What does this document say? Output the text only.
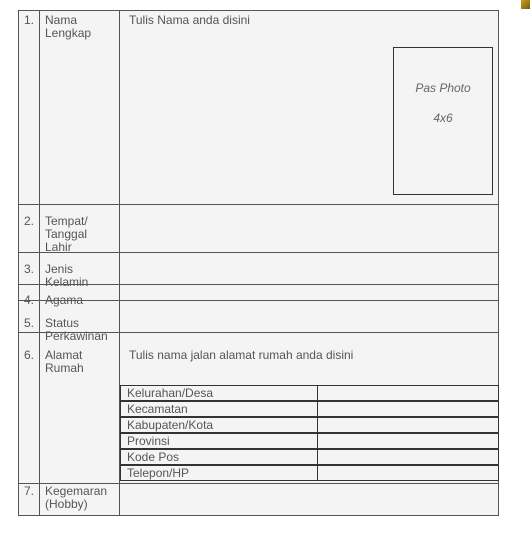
1. Nama
Lengkap
Tulis Nama anda disini
Pas Photo
4x6
2. Tempat/
Tanggal
Lahir
3. Jenis
Kelamin
4. Agama
5. Status
Perkawinan
6. Alamat
Rumah
Tulis nama jalan alamat rumah anda disini
Kelurahan/Desa
Kecamatan
Kabupaten/Kota
Provinsi
Kode Pos
Telepon/HP
7. Kegemaran
(Hobby)
